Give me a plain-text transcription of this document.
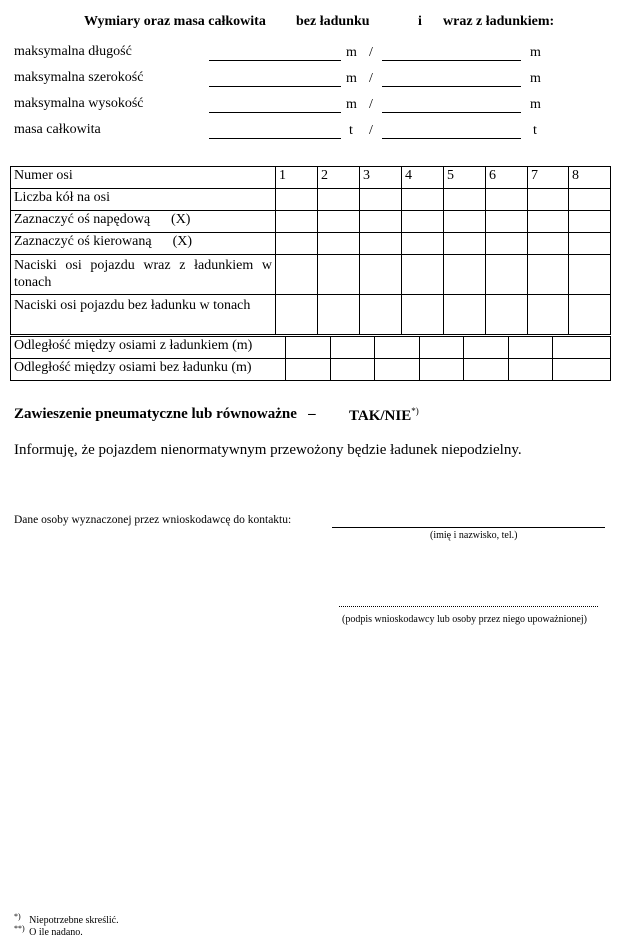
Wymiary oraz masa całkowita bez ładunku	i wraz z ładunkiem:
maksymalna długość	m /	m
maksymalna szerokość	m /	m
maksymalna wysokość	m /	m
masa całkowita	t /	t
Numer osi	1	2	3	4	5	6	7	8
Liczba kół na osi								
Zaznaczyć oś napędową      (X)								
Zaznaczyć oś kierowaną      (X)								
Naciski osi pojazdu wraz z ładunkiem w tonach								
Naciski osi pojazdu bez ładunku w tonach								
Odległość między osiami z ładunkiem (m)							
Odległość między osiami bez ładunku (m)							
Zawieszenie pneumatyczne lub równoważne   – TAK/NIE*)
Informuję, że pojazdem nienormatywnym przewożony będzie ładunek niepodzielny.
Dane osoby wyznaczonej przez wnioskodawcę do kontaktu:
(imię i nazwisko, tel.)
(podpis wnioskodawcy lub osoby przez niego upoważnionej)
*) Niepotrzebne skreślić.
**) O ile nadano.
